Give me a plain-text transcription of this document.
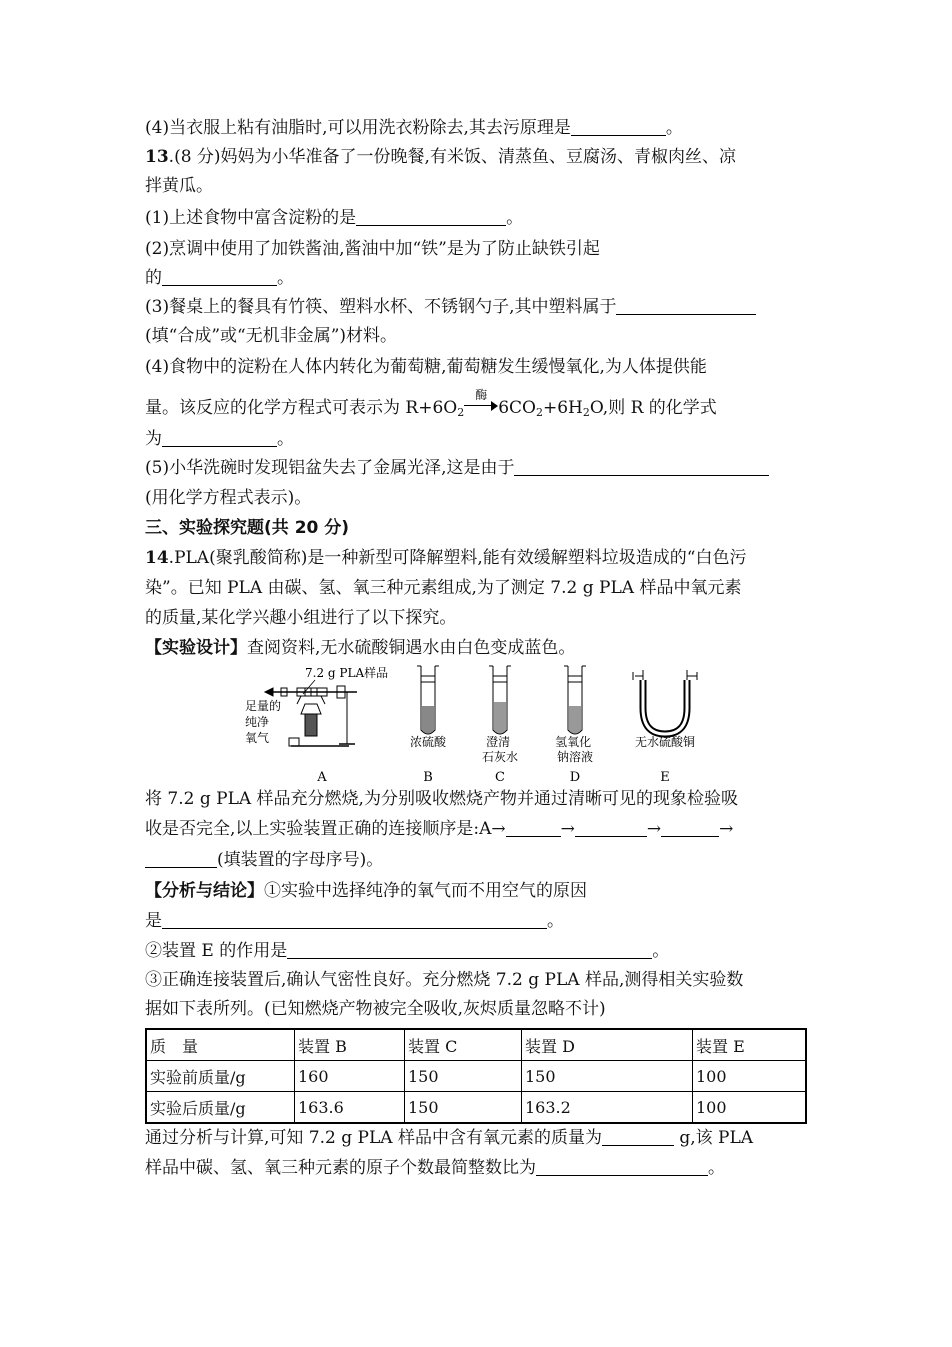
(4)当衣服上粘有油脂时,可以用洗衣粉除去,其去污原理是	。
13.(8 分)妈妈为小华准备了一份晚餐,有米饭、清蒸鱼、豆腐汤、青椒肉丝、凉
拌黄瓜。
(1)上述食物中富含淀粉的是	。
(2)烹调中使用了加铁酱油,酱油中加“铁”是为了防止缺铁引起
的	。
(3)餐桌上的餐具有竹筷、塑料水杯、不锈钢勺子,其中塑料属于
(填“合成”或“无机非金属”)材料。
(4)食物中的淀粉在人体内转化为葡萄糖,葡萄糖发生缓慢氧化,为人体提供能
量。该反应的化学方程式可表示为 $R+6O_2$
酶
$6CO_2+6H_2O$,则 R 的化学式
为	。
(5)小华洗碗时发现铝盆失去了金属光泽,这是由于
(用化学方程式表示)。
三、实验探究题(共 20 分)
14.PLA(聚乳酸简称)是一种新型可降解塑料,能有效缓解塑料垃圾造成的“白色污
染”。已知 PLA 由碳、氢、氧三种元素组成,为了测定 7.2 g PLA 样品中氧元素
的质量,某化学兴趣小组进行了以下探究。
【实验设计】查阅资料,无水硫酸铜遇水由白色变成蓝色。
7.2 g PLA样品
足量的 纯净 氧气	浓硫酸	澄清 石灰水
氢氧化 钠溶液
无水硫酸铜
A	B	C	D	E
将 7.2 g PLA 样品充分燃烧,为分别吸收燃烧产物并通过清晰可见的现象检验吸
收是否完全,以上实验装置正确的连接顺序是:A→	→	→	→
(填装置的字母序号)。
【分析与结论】①实验中选择纯净的氧气而不用空气的原因
是	。
②装置 E 的作用是	。
③正确连接装置后,确认气密性良好。充分燃烧 7.2 g PLA 样品,测得相关实验数
据如下表所列。(已知燃烧产物被完全吸收,灰烬质量忽略不计)
质　量	装置 B	装置 C	装置 D	装置 E
实验前质量/g	160	150	150	100
实验后质量/g	163.6	150	163.2	100
通过分析与计算,可知 7.2 g PLA 样品中含有氧元素的质量为	g,该 PLA
样品中碳、氢、氧三种元素的原子个数最简整数比为	。
